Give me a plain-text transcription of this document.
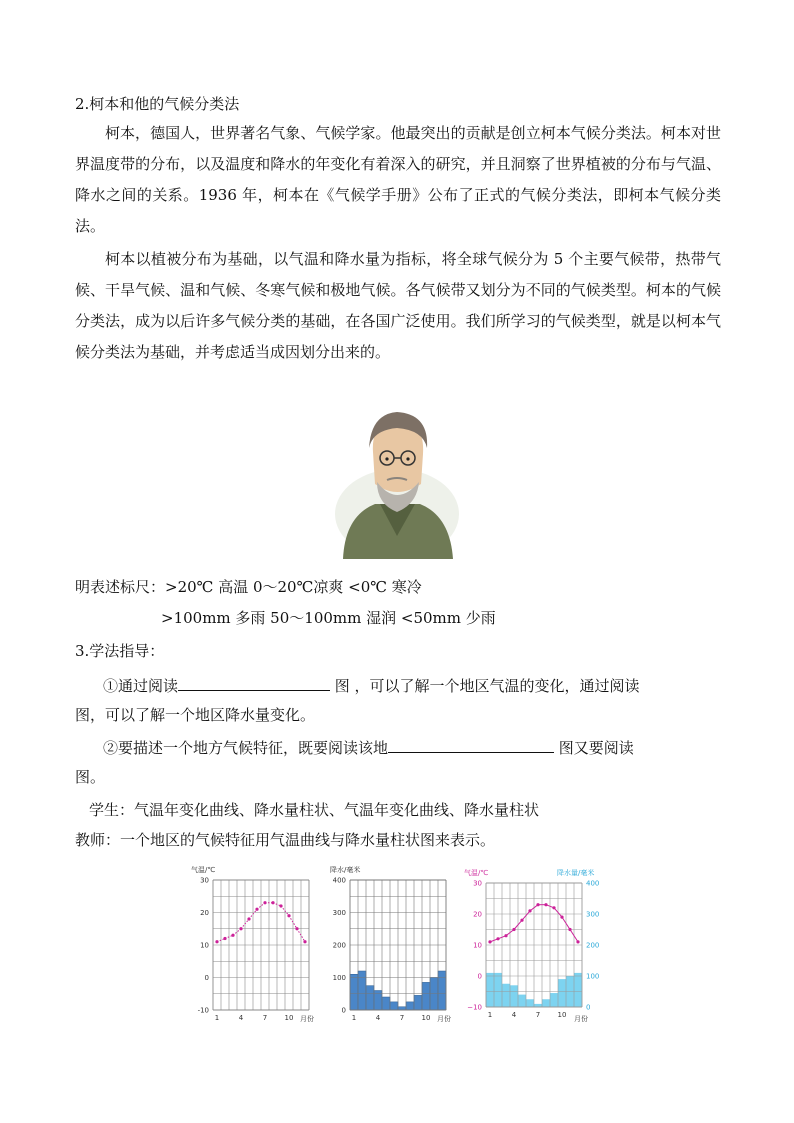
2.柯本和他的气候分类法
柯本，德国人，世界著名气象、气候学家。他最突出的贡献是创立柯本气候分类法。柯本对世界温度带的分布，以及温度和降水的年变化有着深入的研究，并且洞察了世界植被的分布与气温、降水之间的关系。1936 年，柯本在《气候学手册》公布了正式的气候分类法，即柯本气候分类法。
柯本以植被分布为基础，以气温和降水量为指标，将全球气候分为 5 个主要气候带，热带气候、干旱气候、温和气候、冬寒气候和极地气候。各气候带又划分为不同的气候类型。柯本的气候分类法，成为以后许多气候分类的基础，在各国广泛使用。我们所学习的气候类型，就是以柯本气候分类法为基础，并考虑适当成因划分出来的。
明表述标尺：>20℃ 高温 0～20℃凉爽 <0℃ 寒冷
>100mm 多雨 50～100mm 湿润 <50mm 少雨
3.学法指导：
①通过阅读	图 ，可以了解一个地区气温的变化，通过阅读
图，可以了解一个地区降水量变化。
②要描述一个地方气候特征，既要阅读该地	图又要阅读
图。
学生：气温年变化曲线、降水量柱状、气温年变化曲线、降水量柱状
教师：一个地区的气候特征用气温曲线与降水量柱状图来表示。
气温/℃
30
20
10
0
-10
1	4	7 10 月份
降水/毫米
400
300
200
100
0
1	4	7 10 月份
气温/℃	降水量/毫米
30
20
10
0
−10
400
300
200
100
0
1	4	7 10 月份
